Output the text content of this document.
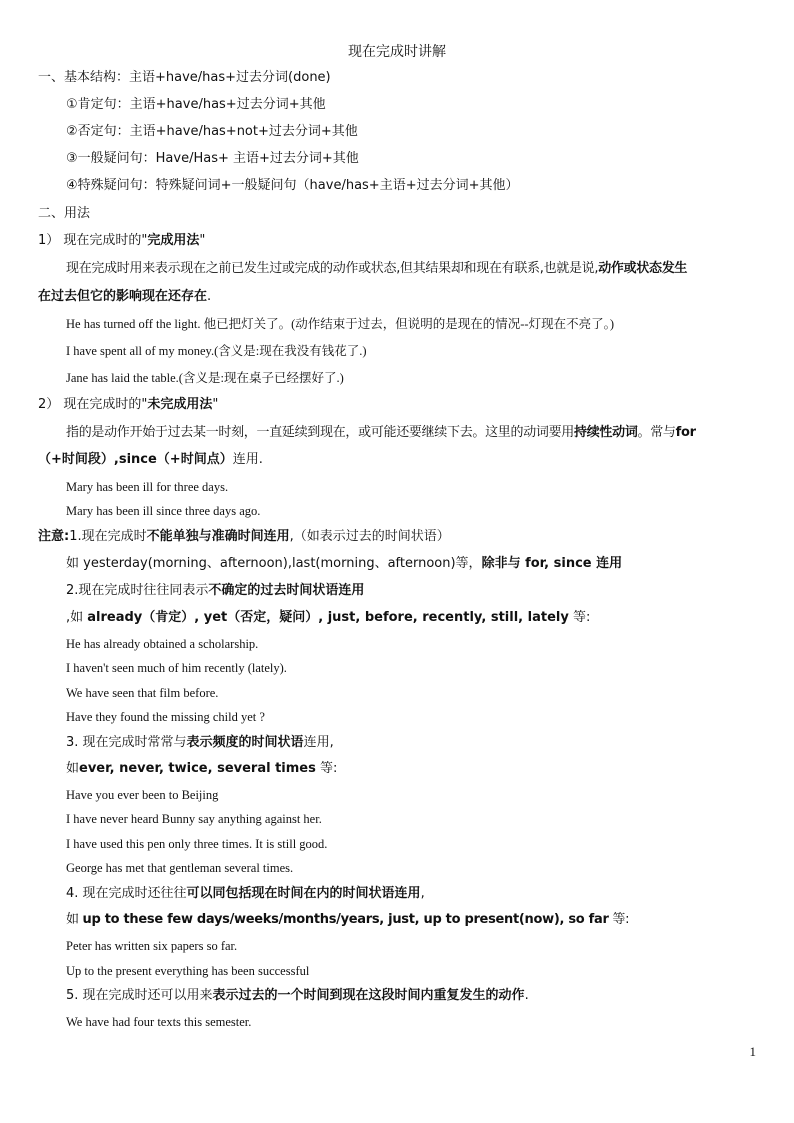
现在完成时讲解
一、基本结构：主语+have/has+过去分词(done)
①肯定句：主语+have/has+过去分词+其他
②否定句：主语+have/has+not+过去分词+其他
③一般疑问句：Have/Has+ 主语+过去分词+其他
④特殊疑问句：特殊疑问词+一般疑问句（have/has+主语+过去分词+其他）
二、用法
1） 现在完成时的"完成用法"
现在完成时用来表示现在之前已发生过或完成的动作或状态,但其结果却和现在有联系,也就是说,动作或状态发生
在过去但它的影响现在还存在.
He has turned off the light. 他已把灯关了。(动作结束于过去，但说明的是现在的情况--灯现在不亮了。)
I have spent all of my money.(含义是:现在我没有钱花了.)
Jane has laid the table.(含义是:现在桌子已经摆好了.)
2） 现在完成时的"未完成用法"
指的是动作开始于过去某一时刻，一直延续到现在，或可能还要继续下去。这里的动词要用持续性动词。常与for
（+时间段）,since（+时间点）连用.
Mary has been ill for three days.
Mary has been ill since three days ago.
注意:1.现在完成时不能单独与准确时间连用,（如表示过去的时间状语）
如 yesterday(morning、afternoon),last(morning、afternoon)等，除非与 for, since 连用
2.现在完成时往往同表示不确定的过去时间状语连用
,如 already（肯定）, yet（否定，疑问）, just, before, recently, still, lately 等:
He has already obtained a scholarship.
I haven't seen much of him recently (lately).
We have seen that film before.
Have they found the missing child yet ?
3. 现在完成时常常与表示频度的时间状语连用,
如ever, never, twice, several times 等:
Have you ever been to Beijing
I have never heard Bunny say anything against her.
I have used this pen only three times. It is still good.
George has met that gentleman several times.
4. 现在完成时还往往可以同包括现在时间在内的时间状语连用,
如 up to these few days/weeks/months/years, just, up to present(now), so far 等:
Peter has written six papers so far.
Up to the present everything has been successful
5. 现在完成时还可以用来表示过去的一个时间到现在这段时间内重复发生的动作.
We have had four texts this semester.
1
